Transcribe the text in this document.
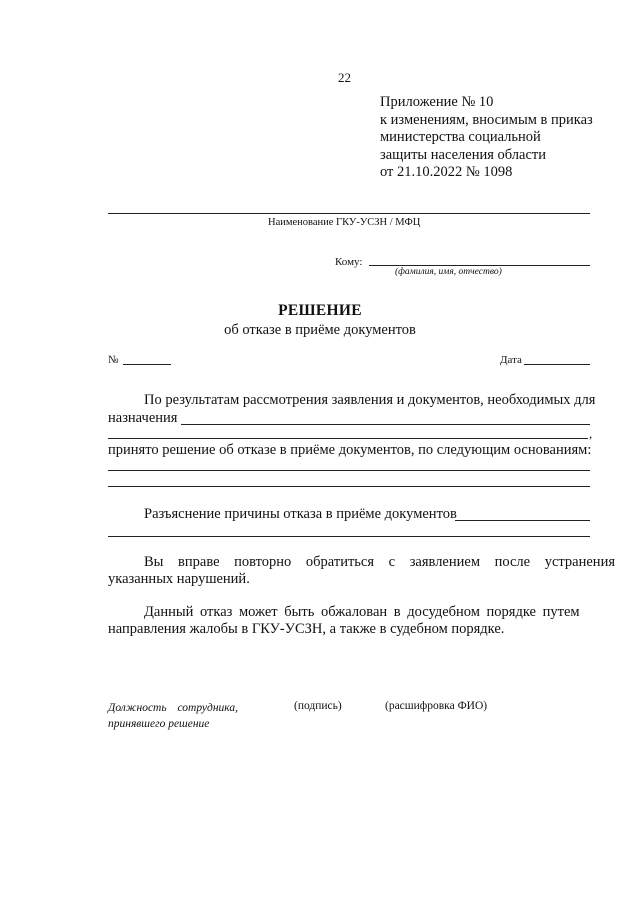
22
Приложение № 10
к изменениям, вносимым в приказ
министерства социальной
защиты населения области
от 21.10.2022 № 1098
Наименование ГКУ-УСЗН / МФЦ
Кому:
(фамилия, имя, отчество)
РЕШЕНИЕ
об отказе в приёме документов
№	Дата
По результатам рассмотрения заявления и документов, необходимых для
назначения
,
принято решение об отказе в приёме документов, по следующим основаниям:
Разъяснение причины отказа в приёме документов
Вы вправе повторно обратиться с заявлением после устранения
указанных нарушений.
Данный отказ может быть обжалован в досудебном порядке путем
направления жалобы в ГКУ-УСЗН, а также в судебном порядке.
Должность сотрудника,
принявшего решение
(подпись)	(расшифровка ФИО)
